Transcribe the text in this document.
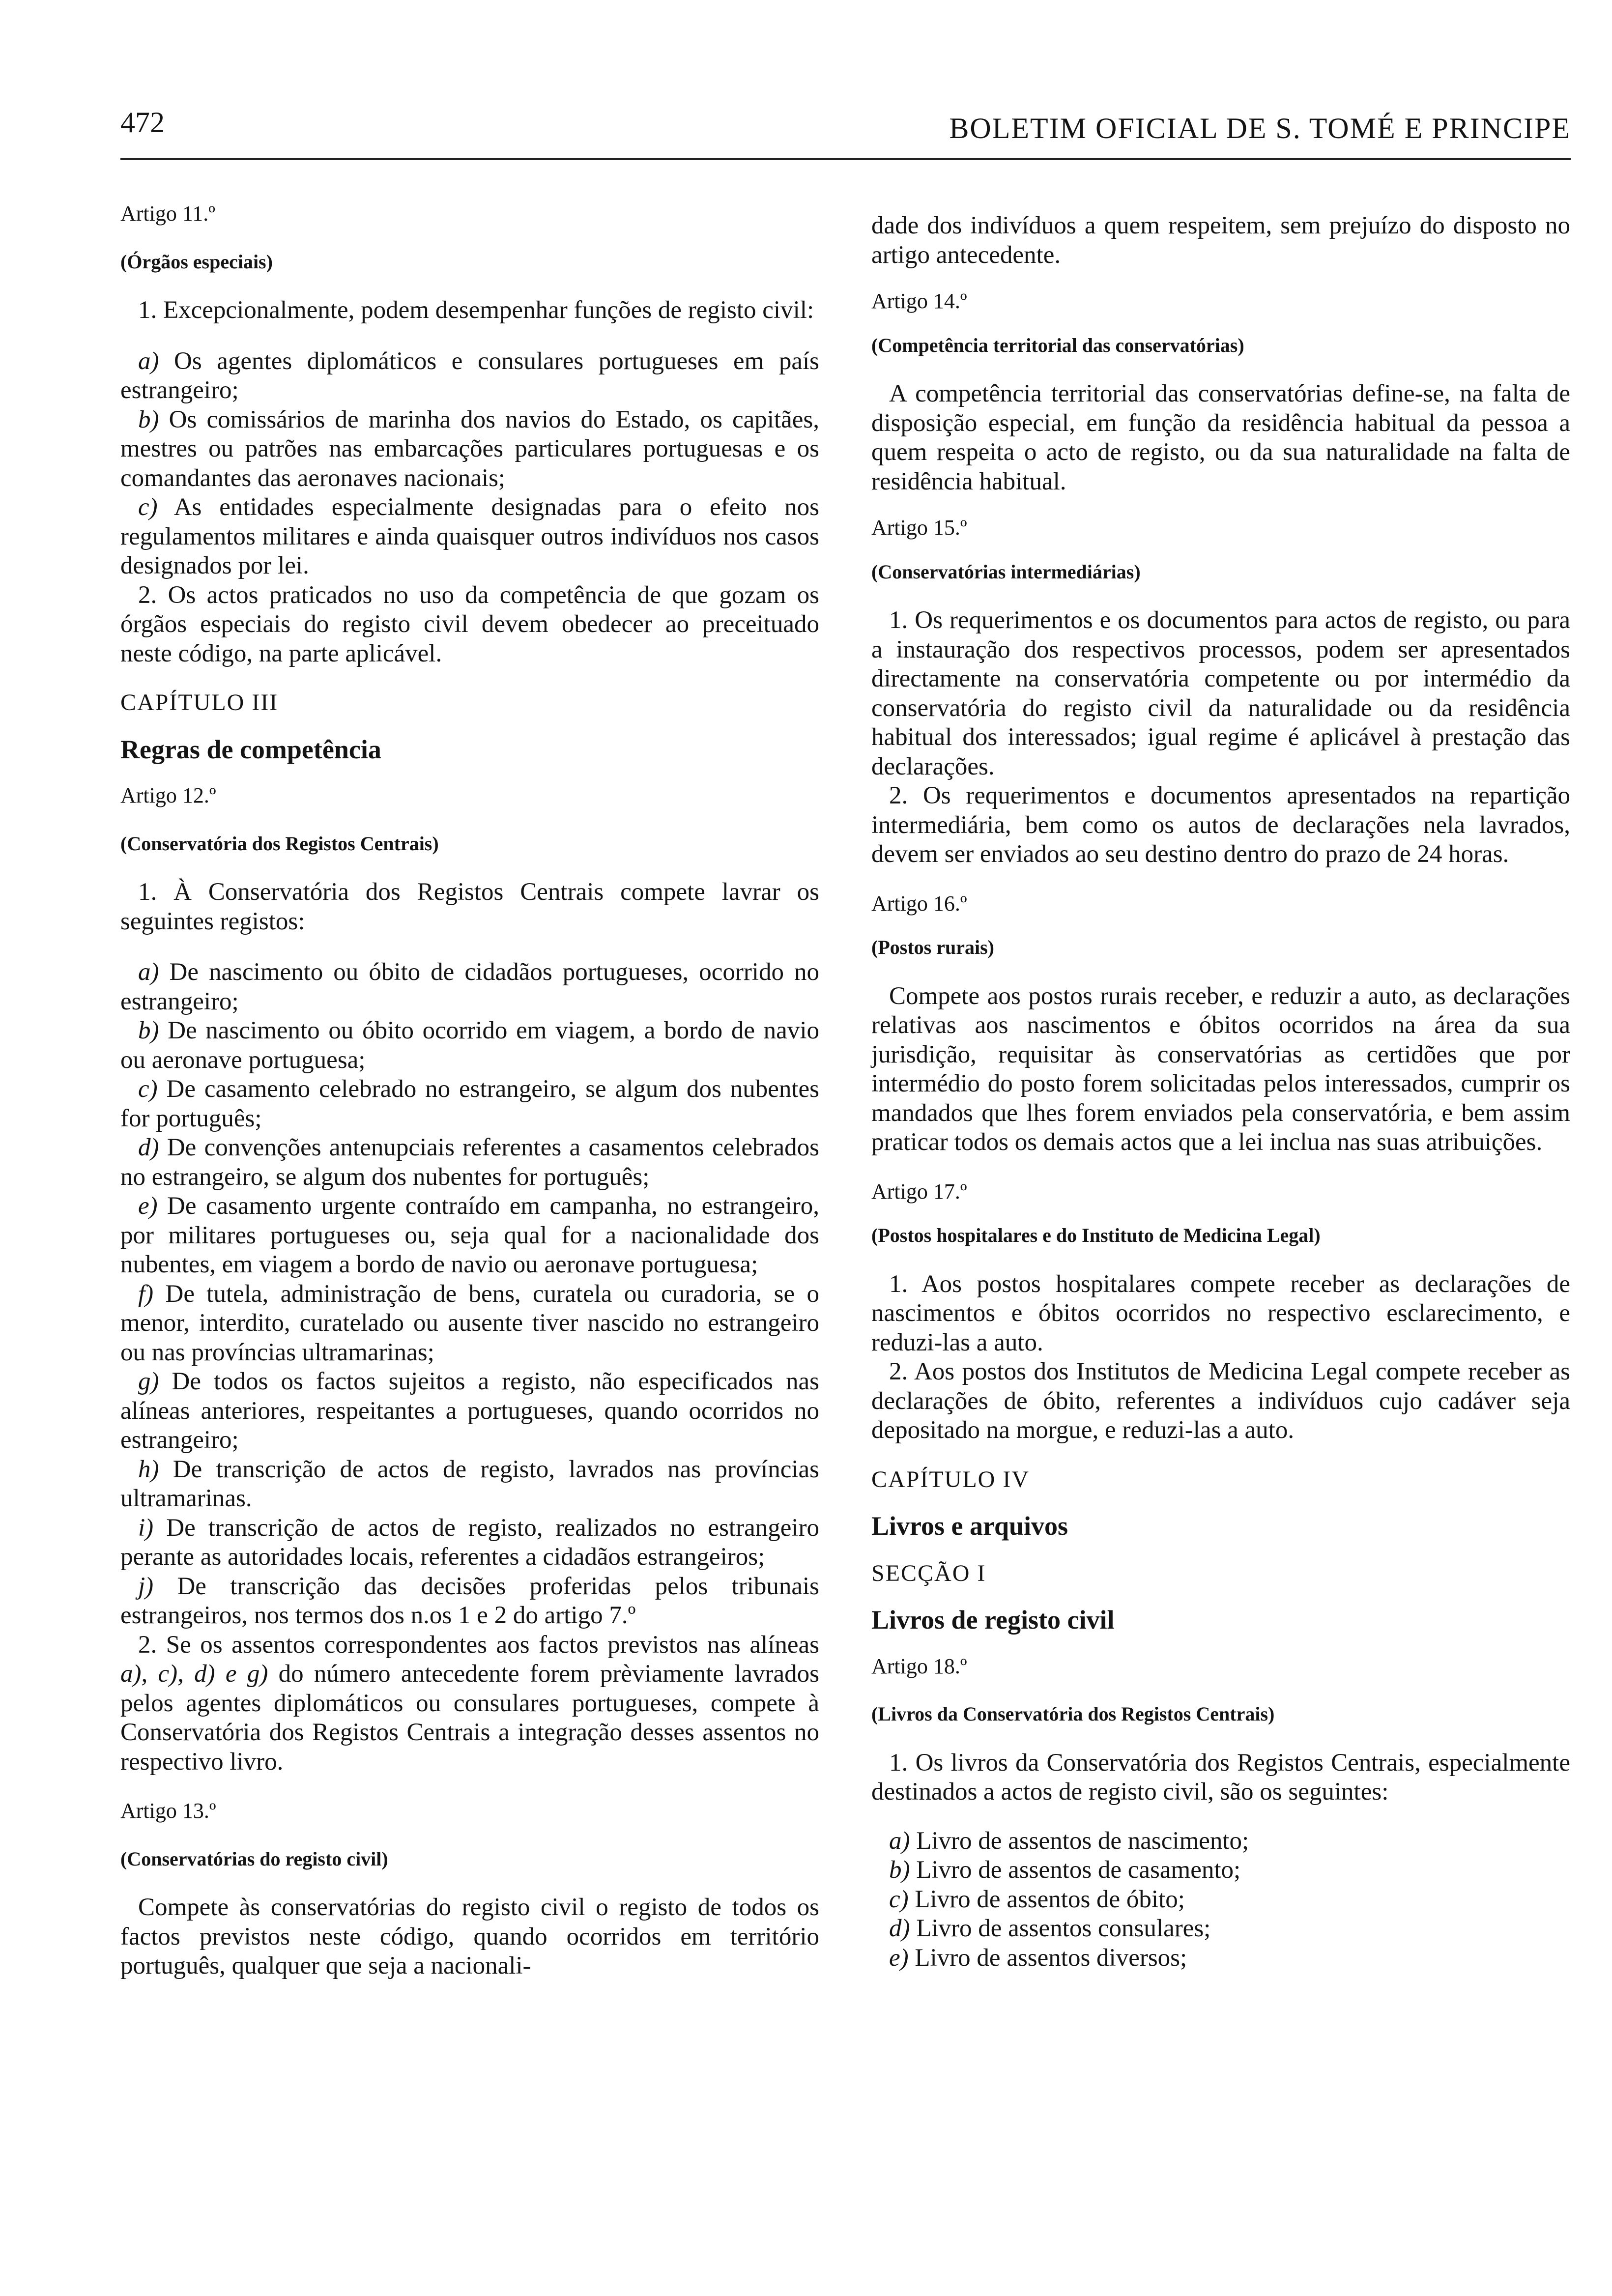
472	BOLETIM OFICIAL DE S. TOMÉ E PRINCIPE

Artigo 11.º

(Órgãos especiais)

1. Excepcionalmente, podem desempenhar funções de registo civil:

a) Os agentes diplomáticos e consulares portugueses em país estrangeiro;

b) Os comissários de marinha dos navios do Estado, os capitães, mestres ou patrões nas embarcações particulares portuguesas e os comandantes das aeronaves nacionais;

c) As entidades especialmente designadas para o efeito nos regulamentos militares e ainda quaisquer outros indivíduos nos casos designados por lei.

2. Os actos praticados no uso da competência de que gozam os órgãos especiais do registo civil devem obedecer ao preceituado neste código, na parte aplicável.

CAPÍTULO III

Regras de competência

Artigo 12.º

(Conservatória dos Registos Centrais)

1. À Conservatória dos Registos Centrais compete lavrar os seguintes registos:

a) De nascimento ou óbito de cidadãos portugueses, ocorrido no estrangeiro;

b) De nascimento ou óbito ocorrido em viagem, a bordo de navio ou aeronave portuguesa;

c) De casamento celebrado no estrangeiro, se algum dos nubentes for português;

d) De convenções antenupciais referentes a casamentos celebrados no estrangeiro, se algum dos nubentes for português;

e) De casamento urgente contraído em campanha, no estrangeiro, por militares portugueses ou, seja qual for a nacionalidade dos nubentes, em viagem a bordo de navio ou aeronave portuguesa;

f) De tutela, administração de bens, curatela ou curadoria, se o menor, interdito, curatelado ou ausente tiver nascido no estrangeiro ou nas províncias ultramarinas;

g) De todos os factos sujeitos a registo, não especificados nas alíneas anteriores, respeitantes a portugueses, quando ocorridos no estrangeiro;

h) De transcrição de actos de registo, lavrados nas províncias ultramarinas.

i) De transcrição de actos de registo, realizados no estrangeiro perante as autoridades locais, referentes a cidadãos estrangeiros;

j) De transcrição das decisões proferidas pelos tribunais estrangeiros, nos termos dos n.os 1 e 2 do artigo 7.º

2. Se os assentos correspondentes aos factos previstos nas alíneas a), c), d) e g) do número antecedente forem prèviamente lavrados pelos agentes diplomáticos ou consulares portugueses, compete à Conservatória dos Registos Centrais a integração desses assentos no respectivo livro.

Artigo 13.º

(Conservatórias do registo civil)

Compete às conservatórias do registo civil o registo de todos os factos previstos neste código, quando ocorridos em território português, qualquer que seja a nacionali-

dade dos indivíduos a quem respeitem, sem prejuízo do disposto no artigo antecedente.

Artigo 14.º

(Competência territorial das conservatórias)

A competência territorial das conservatórias define-se, na falta de disposição especial, em função da residência habitual da pessoa a quem respeita o acto de registo, ou da sua naturalidade na falta de residência habitual.

Artigo 15.º

(Conservatórias intermediárias)

1. Os requerimentos e os documentos para actos de registo, ou para a instauração dos respectivos processos, podem ser apresentados directamente na conservatória competente ou por intermédio da conservatória do registo civil da naturalidade ou da residência habitual dos interessados; igual regime é aplicável à prestação das declarações.

2. Os requerimentos e documentos apresentados na repartição intermediária, bem como os autos de declarações nela lavrados, devem ser enviados ao seu destino dentro do prazo de 24 horas.

Artigo 16.º

(Postos rurais)

Compete aos postos rurais receber, e reduzir a auto, as declarações relativas aos nascimentos e óbitos ocorridos na área da sua jurisdição, requisitar às conservatórias as certidões que por intermédio do posto forem solicitadas pelos interessados, cumprir os mandados que lhes forem enviados pela conservatória, e bem assim praticar todos os demais actos que a lei inclua nas suas atribuições.

Artigo 17.º

(Postos hospitalares e do Instituto de Medicina Legal)

1. Aos postos hospitalares compete receber as declarações de nascimentos e óbitos ocorridos no respectivo esclarecimento, e reduzi-las a auto.

2. Aos postos dos Institutos de Medicina Legal compete receber as declarações de óbito, referentes a indivíduos cujo cadáver seja depositado na morgue, e reduzi-las a auto.

CAPÍTULO IV

Livros e arquivos

SECÇÃO I

Livros de registo civil

Artigo 18.º

(Livros da Conservatória dos Registos Centrais)

1. Os livros da Conservatória dos Registos Centrais, especialmente destinados a actos de registo civil, são os seguintes:

a) Livro de assentos de nascimento;

b) Livro de assentos de casamento;

c) Livro de assentos de óbito;

d) Livro de assentos consulares;

e) Livro de assentos diversos;
